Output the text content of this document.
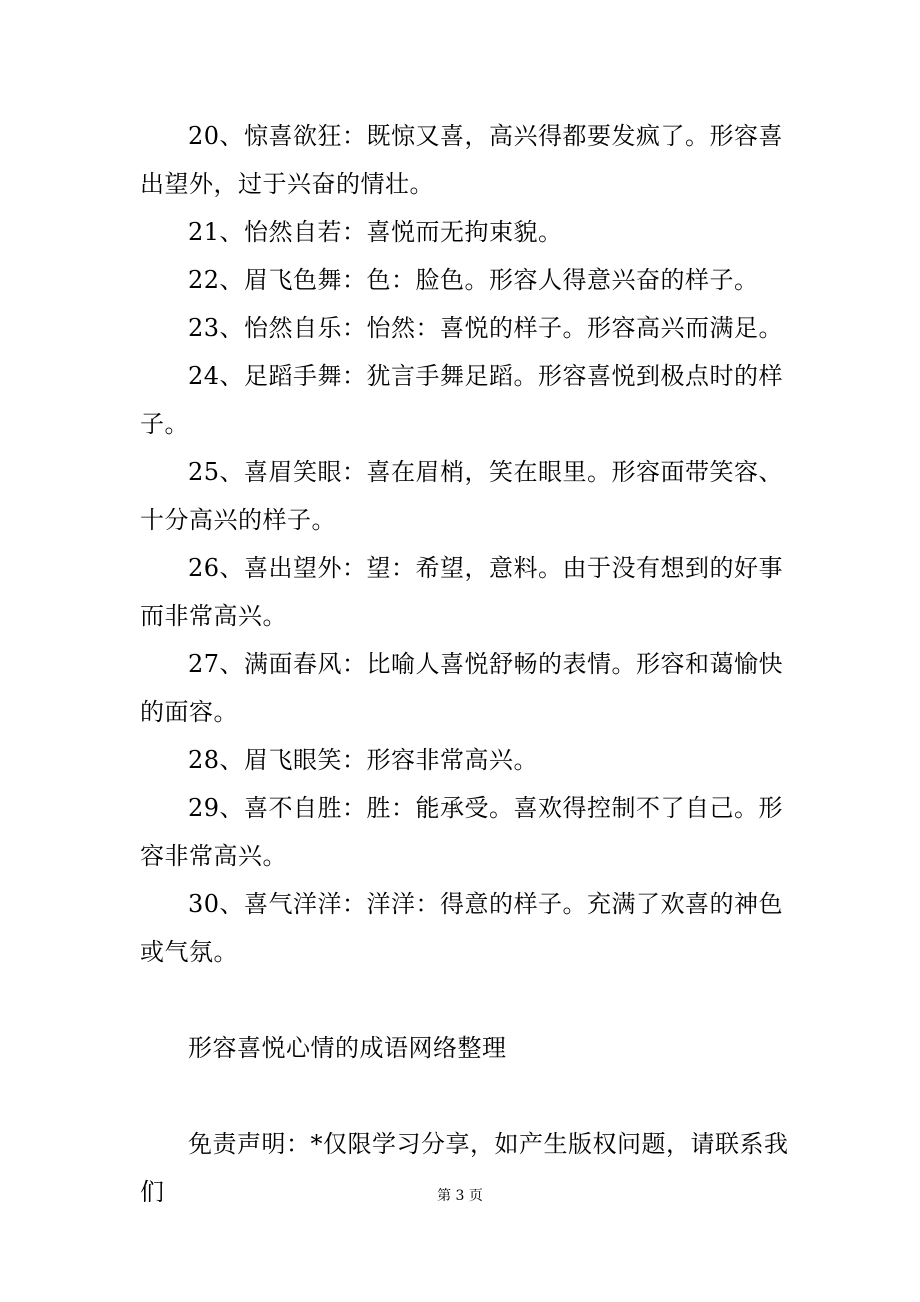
20、惊喜欲狂：既惊又喜，高兴得都要发疯了。形容喜出望外，过于兴奋的情壮。

21、怡然自若：喜悦而无拘束貌。

22、眉飞色舞：色：脸色。形容人得意兴奋的样子。

23、怡然自乐：怡然：喜悦的样子。形容高兴而满足。

24、足蹈手舞：犹言手舞足蹈。形容喜悦到极点时的样子。

25、喜眉笑眼：喜在眉梢，笑在眼里。形容面带笑容、十分高兴的样子。

26、喜出望外：望：希望，意料。由于没有想到的好事而非常高兴。

27、满面春风：比喻人喜悦舒畅的表情。形容和蔼愉快的面容。

28、眉飞眼笑：形容非常高兴。

29、喜不自胜：胜：能承受。喜欢得控制不了自己。形容非常高兴。

30、喜气洋洋：洋洋：得意的样子。充满了欢喜的神色或气氛。

形容喜悦心情的成语网络整理

免责声明：*仅限学习分享，如产生版权问题，请联系我们	第 3 页
